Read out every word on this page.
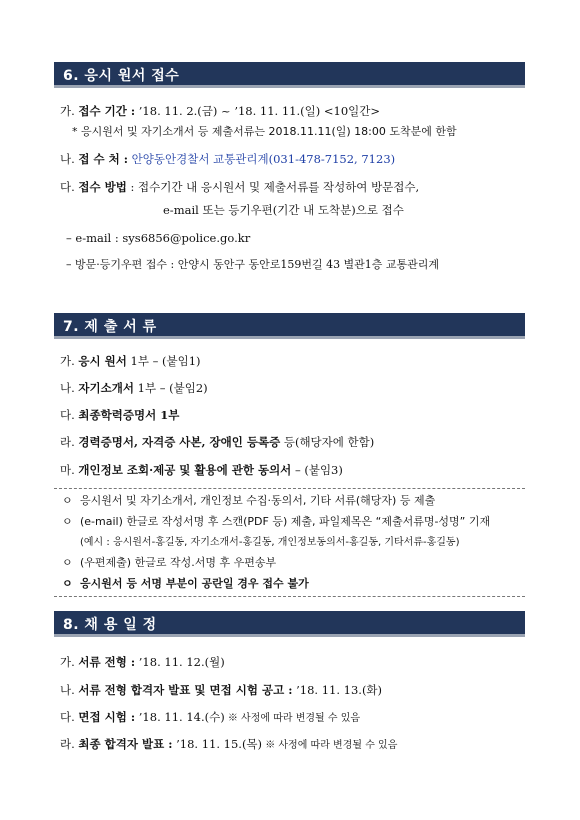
6. 응시 원서 접수
가. 접수 기간 : ’18. 11. 2.(금) ~ ’18. 11. 11.(일) <10일간>
* 응시원서 및 자기소개서 등 제출서류는 2018.11.11(일) 18:00 도착분에 한함
나. 접 수 처 : 안양동안경찰서 교통관리계(031-478-7152, 7123)
다. 접수 방법 : 접수기간 내 응시원서 및 제출서류를 작성하여 방문접수,
e-mail 또는 등기우편(기간 내 도착분)으로 접수
– e-mail : sys6856@police.go.kr
– 방문·등기우편 접수 : 안양시 동안구 동안로159번길 43 별관1층 교통관리계
7. 제 출 서 류
가. 응시 원서 1부 – (붙임1)
나. 자기소개서 1부 – (붙임2)
다. 최종학력증명서 1부
라. 경력증명서, 자격증 사본, 장애인 등록증 등(해당자에 한함)
마. 개인정보 조회·제공 및 활용에 관한 동의서 – (붙임3)
ㅇ 응시원서 및 자기소개서, 개인정보 수집·동의서, 기타 서류(해당자) 등 제출
ㅇ (e-mail) 한글로 작성서명 후 스캔(PDF 등) 제출, 파일제목은 “제출서류명-성명” 기재
(예시 : 응시원서-홍길동, 자기소개서-홍길동, 개인정보동의서-홍길동, 기타서류-홍길동)
ㅇ (우편제출) 한글로 작성.서명 후 우편송부
ㅇ 응시원서 등 서명 부분이 공란일 경우 접수 불가
8. 채 용 일 정
가. 서류 전형 : ’18. 11. 12.(월)
나. 서류 전형 합격자 발표 및 면접 시험 공고 : ’18. 11. 13.(화)
다. 면접 시험 : ’18. 11. 14.(수) ※ 사정에 따라 변경될 수 있음
라. 최종 합격자 발표 : ’18. 11. 15.(목) ※ 사정에 따라 변경될 수 있음
